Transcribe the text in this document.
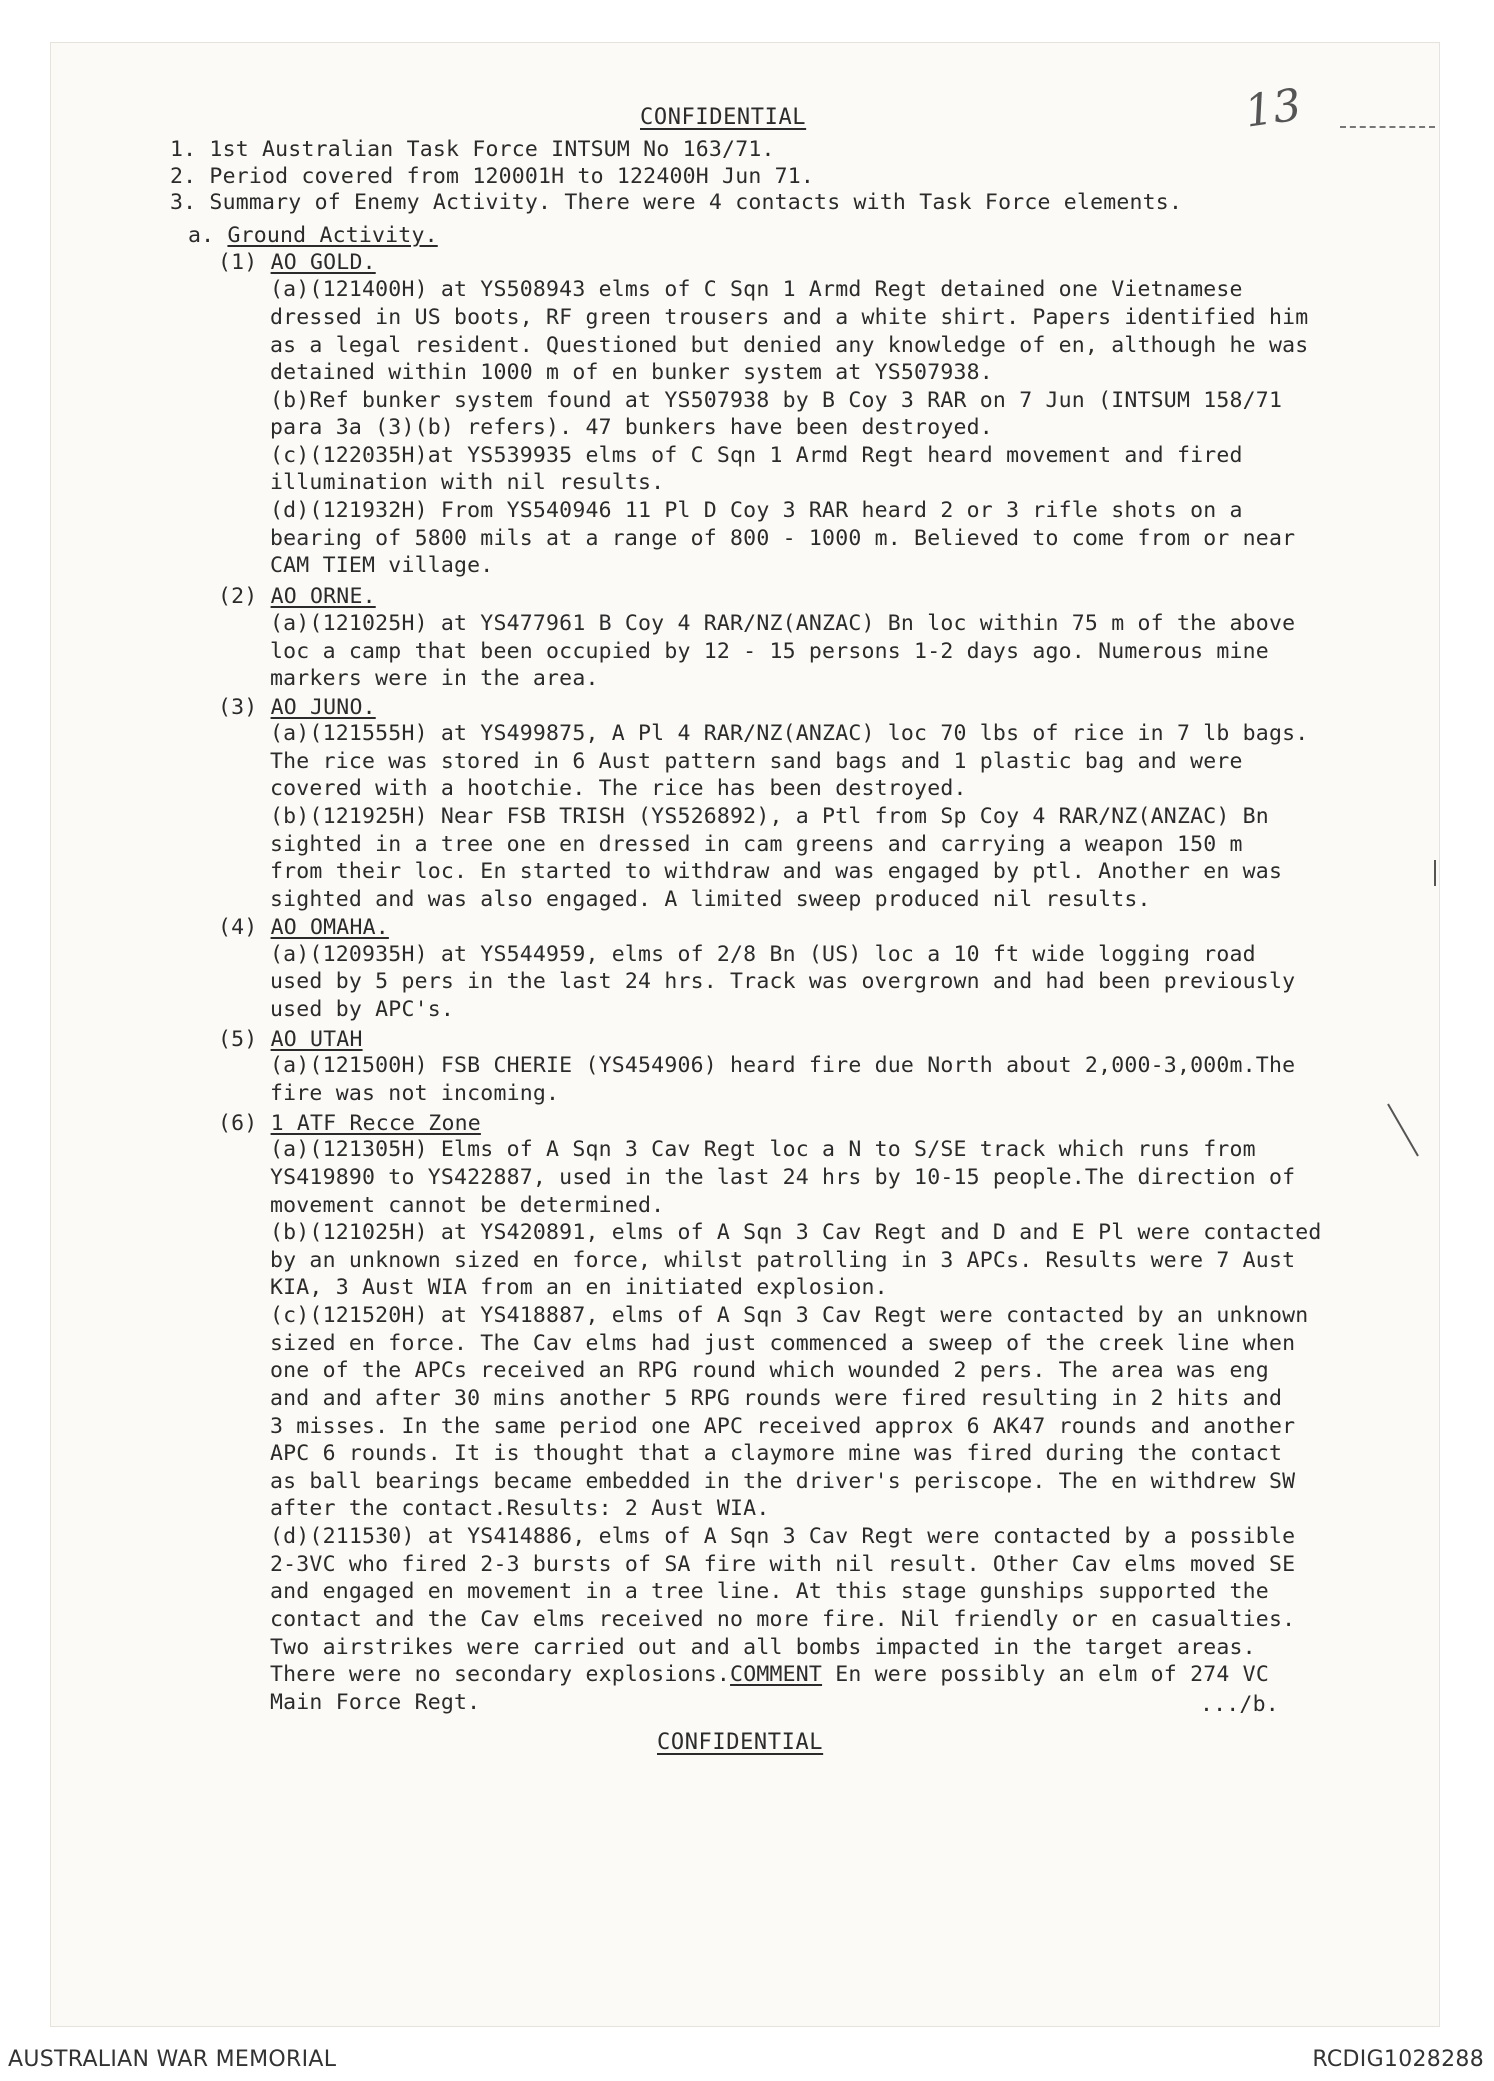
CONFIDENTIAL	13
1. 1st Australian Task Force INTSUM No 163/71.
2. Period covered from 120001H to 122400H Jun 71.
3. Summary of Enemy Activity. There were 4 contacts with Task Force elements.
a. Ground Activity.
(1) AO GOLD.
(a)(121400H) at YS508943 elms of C Sqn 1 Armd Regt detained one Vietnamese
dressed in US boots, RF green trousers and a white shirt. Papers identified him
as a legal resident. Questioned but denied any knowledge of en, although he was
detained within 1000 m of en bunker system at YS507938.
(b)Ref bunker system found at YS507938 by B Coy 3 RAR on 7 Jun (INTSUM 158/71
para 3a (3)(b) refers). 47 bunkers have been destroyed.
(c)(122035H)at YS539935 elms of C Sqn 1 Armd Regt heard movement and fired
illumination with nil results.
(d)(121932H) From YS540946 11 Pl D Coy 3 RAR heard 2 or 3 rifle shots on a
bearing of 5800 mils at a range of 800 - 1000 m. Believed to come from or near
CAM TIEM village.
(2) AO ORNE.
(a)(121025H) at YS477961 B Coy 4 RAR/NZ(ANZAC) Bn loc within 75 m of the above
loc a camp that been occupied by 12 - 15 persons 1-2 days ago. Numerous mine
markers were in the area.
(3) AO JUNO.
(a)(121555H) at YS499875, A Pl 4 RAR/NZ(ANZAC) loc 70 lbs of rice in 7 lb bags.
The rice was stored in 6 Aust pattern sand bags and 1 plastic bag and were
covered with a hootchie. The rice has been destroyed.
(b)(121925H) Near FSB TRISH (YS526892), a Ptl from Sp Coy 4 RAR/NZ(ANZAC) Bn
sighted in a tree one en dressed in cam greens and carrying a weapon 150 m
from their loc. En started to withdraw and was engaged by ptl. Another en was
sighted and was also engaged. A limited sweep produced nil results.
(4) AO OMAHA.
(a)(120935H) at YS544959, elms of 2/8 Bn (US) loc a 10 ft wide logging road
used by 5 pers in the last 24 hrs. Track was overgrown and had been previously
used by APC's.
(5) AO UTAH
(a)(121500H) FSB CHERIE (YS454906) heard fire due North about 2,000-3,000m.The
fire was not incoming.
(6) 1 ATF Recce Zone
(a)(121305H) Elms of A Sqn 3 Cav Regt loc a N to S/SE track which runs from
YS419890 to YS422887, used in the last 24 hrs by 10-15 people.The direction of
movement cannot be determined.
(b)(121025H) at YS420891, elms of A Sqn 3 Cav Regt and D and E Pl were contacted
by an unknown sized en force, whilst patrolling in 3 APCs. Results were 7 Aust
KIA, 3 Aust WIA from an en initiated explosion.
(c)(121520H) at YS418887, elms of A Sqn 3 Cav Regt were contacted by an unknown
sized en force. The Cav elms had just commenced a sweep of the creek line when
one of the APCs received an RPG round which wounded 2 pers. The area was eng
and and after 30 mins another 5 RPG rounds were fired resulting in 2 hits and
3 misses. In the same period one APC received approx 6 AK47 rounds and another
APC 6 rounds. It is thought that a claymore mine was fired during the contact
as ball bearings became embedded in the driver's periscope. The en withdrew SW
after the contact.Results: 2 Aust WIA.
(d)(211530) at YS414886, elms of A Sqn 3 Cav Regt were contacted by a possible
2-3VC who fired 2-3 bursts of SA fire with nil result. Other Cav elms moved SE
and engaged en movement in a tree line. At this stage gunships supported the
contact and the Cav elms received no more fire. Nil friendly or en casualties.
Two airstrikes were carried out and all bombs impacted in the target areas.
There were no secondary explosions.COMMENT En were possibly an elm of 274 VC
Main Force Regt.	.../b.
CONFIDENTIAL
AUSTRALIAN WAR MEMORIAL	RCDIG1028288
